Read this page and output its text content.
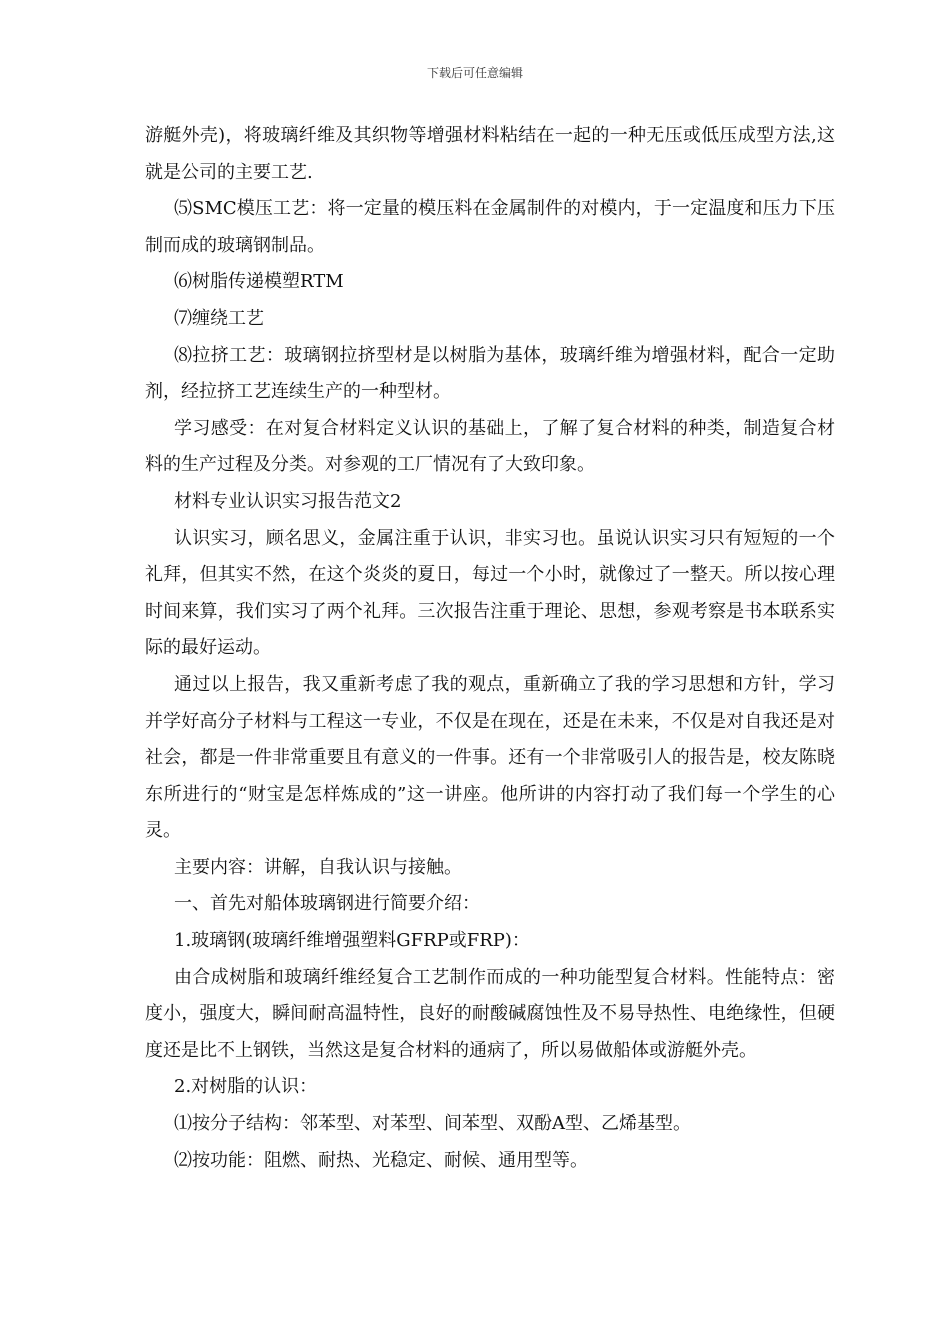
下载后可任意编辑

游艇外壳)，将玻璃纤维及其织物等增强材料粘结在一起的一种无压或低压成型方法,这就是公司的主要工艺.

⑸SMC模压工艺：将一定量的模压料在金属制件的对模内，于一定温度和压力下压制而成的玻璃钢制品。

⑹树脂传递模塑RTM

⑺缠绕工艺

⑻拉挤工艺：玻璃钢拉挤型材是以树脂为基体，玻璃纤维为增强材料，配合一定助剂，经拉挤工艺连续生产的一种型材。

学习感受：在对复合材料定义认识的基础上，了解了复合材料的种类，制造复合材料的生产过程及分类。对参观的工厂情况有了大致印象。

材料专业认识实习报告范文2

认识实习，顾名思义，金属注重于认识，非实习也。虽说认识实习只有短短的一个礼拜，但其实不然，在这个炎炎的夏日，每过一个小时，就像过了一整天。所以按心理时间来算，我们实习了两个礼拜。三次报告注重于理论、思想，参观考察是书本联系实际的最好运动。

通过以上报告，我又重新考虑了我的观点，重新确立了我的学习思想和方针，学习并学好高分子材料与工程这一专业，不仅是在现在，还是在未来，不仅是对自我还是对社会，都是一件非常重要且有意义的一件事。还有一个非常吸引人的报告是，校友陈晓东所进行的“财宝是怎样炼成的”这一讲座。他所讲的内容打动了我们每一个学生的心灵。

主要内容：讲解，自我认识与接触。

一、首先对船体玻璃钢进行简要介绍：

1.玻璃钢(玻璃纤维增强塑料GFRP或FRP)：

由合成树脂和玻璃纤维经复合工艺制作而成的一种功能型复合材料。性能特点：密度小，强度大，瞬间耐高温特性，良好的耐酸碱腐蚀性及不易导热性、电绝缘性，但硬度还是比不上钢铁，当然这是复合材料的通病了，所以易做船体或游艇外壳。

2.对树脂的认识：

⑴按分子结构：邻苯型、对苯型、间苯型、双酚A型、乙烯基型。

⑵按功能：阻燃、耐热、光稳定、耐候、通用型等。
